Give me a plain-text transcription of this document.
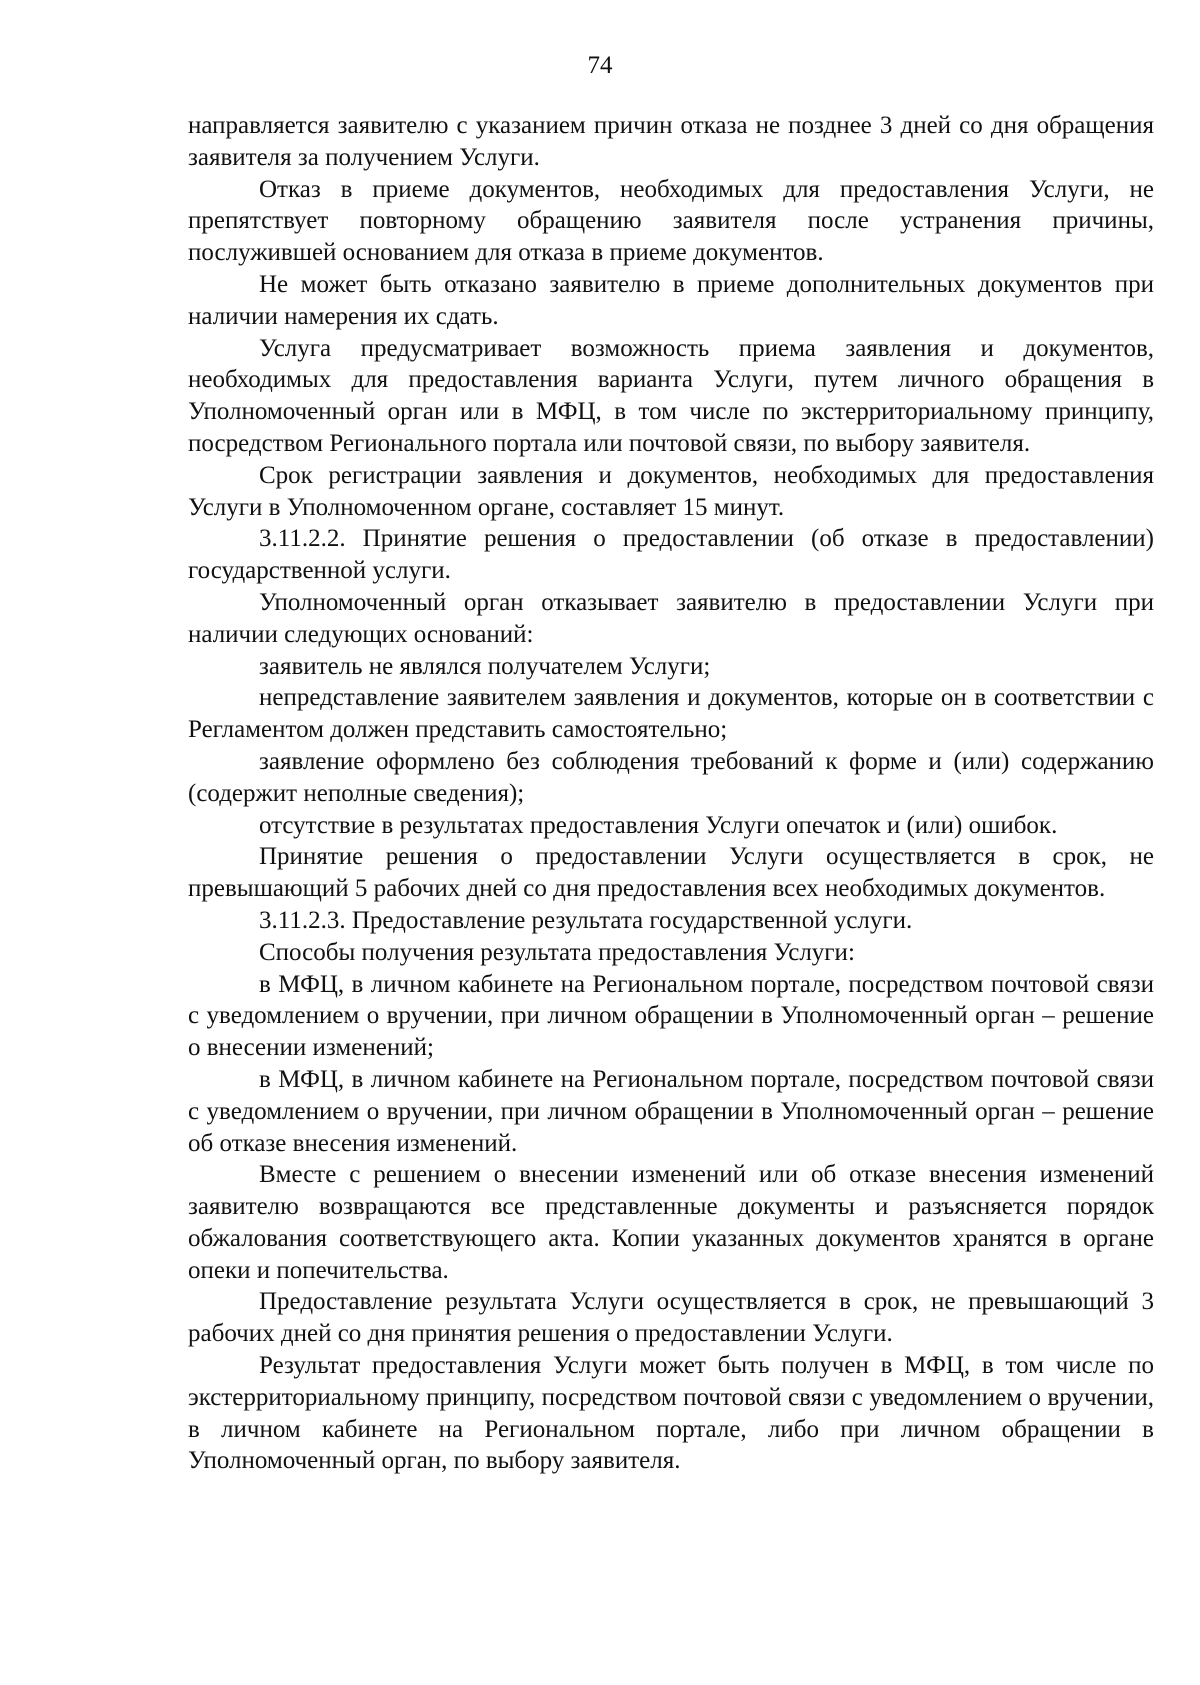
74

направляется заявителю с указанием причин отказа не позднее 3 дней со дня обращения заявителя за получением Услуги.

Отказ в приеме документов, необходимых для предоставления Услуги, не препятствует повторному обращению заявителя после устранения причины, послужившей основанием для отказа в приеме документов.

Не может быть отказано заявителю в приеме дополнительных документов при наличии намерения их сдать.

Услуга предусматривает возможность приема заявления и документов, необходимых для предоставления варианта Услуги, путем личного обращения в Уполномоченный орган или в МФЦ, в том числе по экстерриториальному принципу, посредством Регионального портала или почтовой связи, по выбору заявителя.

Срок регистрации заявления и документов, необходимых для предоставления Услуги в Уполномоченном органе, составляет 15 минут.

3.11.2.2. Принятие решения о предоставлении (об отказе в предоставлении) государственной услуги.

Уполномоченный орган отказывает заявителю в предоставлении Услуги при наличии следующих оснований:

заявитель не являлся получателем Услуги;

непредставление заявителем заявления и документов, которые он в соответствии с Регламентом должен представить самостоятельно;

заявление оформлено без соблюдения требований к форме и (или) содержанию (содержит неполные сведения);

отсутствие в результатах предоставления Услуги опечаток и (или) ошибок.

Принятие решения о предоставлении Услуги осуществляется в срок, не превышающий 5 рабочих дней со дня предоставления всех необходимых документов.

3.11.2.3. Предоставление результата государственной услуги.

Способы получения результата предоставления Услуги:

в МФЦ, в личном кабинете на Региональном портале, посредством почтовой связи с уведомлением о вручении, при личном обращении в Уполномоченный орган – решение о внесении изменений;

в МФЦ, в личном кабинете на Региональном портале, посредством почтовой связи с уведомлением о вручении, при личном обращении в Уполномоченный орган – решение об отказе внесения изменений.

Вместе с решением о внесении изменений или об отказе внесения изменений заявителю возвращаются все представленные документы и разъясняется порядок обжалования соответствующего акта. Копии указанных документов хранятся в органе опеки и попечительства.

Предоставление результата Услуги осуществляется в срок, не превышающий 3 рабочих дней со дня принятия решения о предоставлении Услуги.

Результат предоставления Услуги может быть получен в МФЦ, в том числе по экстерриториальному принципу, посредством почтовой связи с уведомлением о вручении, в личном кабинете на Региональном портале, либо при личном обращении в Уполномоченный орган, по выбору заявителя.
